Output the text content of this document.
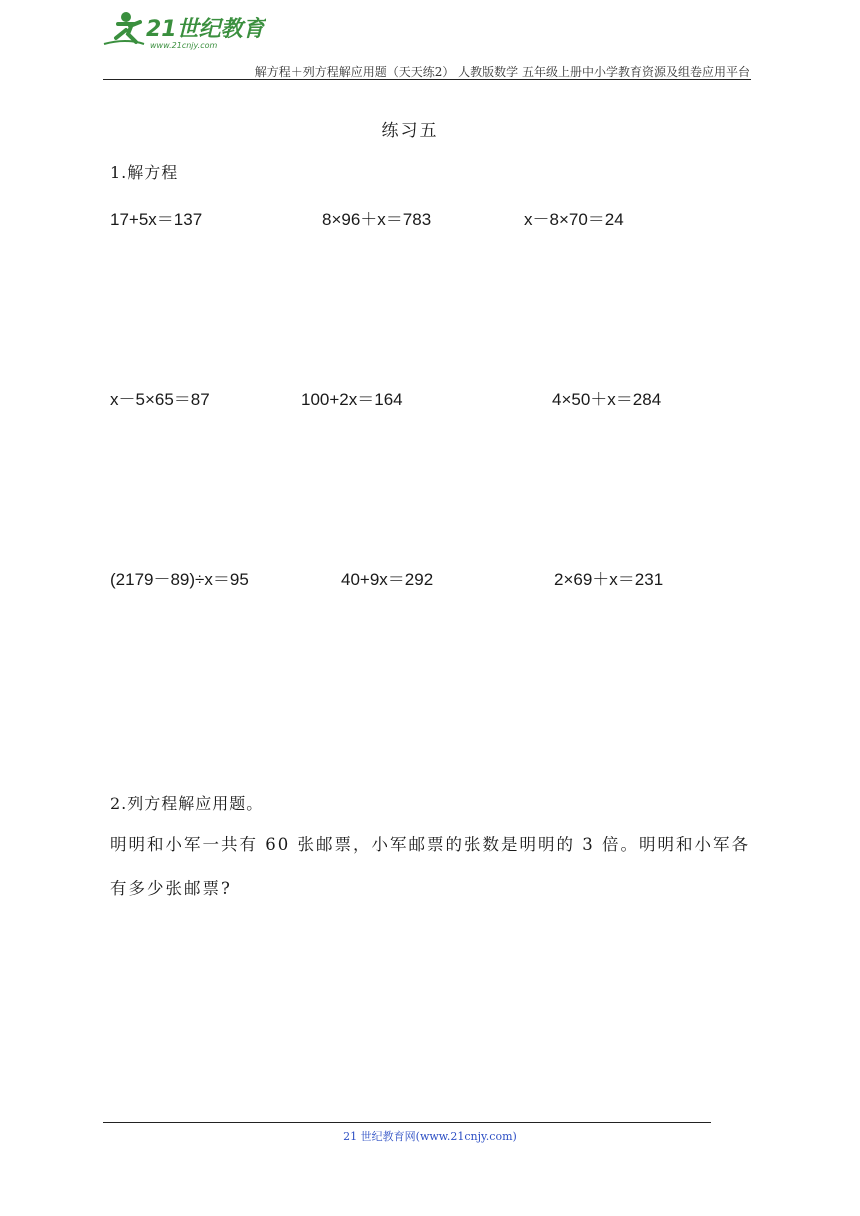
21世纪教育
www.21cnjy.com
解方程＋列方程解应用题（天天练2） 人教版数学 五年级上册中小学教育资源及组卷应用平台
练习五
1.解方程
17+5x＝137	8×96＋x＝783	x－8×70＝24
x－5×65＝87	100+2x＝164	4×50＋x＝284
(2179－89)÷x＝95	40+9x＝292	2×69＋x＝231
2.列方程解应用题。
明明和小军一共有 60 张邮票，小军邮票的张数是明明的 3 倍。明明和小军各有多少张邮票?
21 世纪教育网(www.21cnjy.com)
